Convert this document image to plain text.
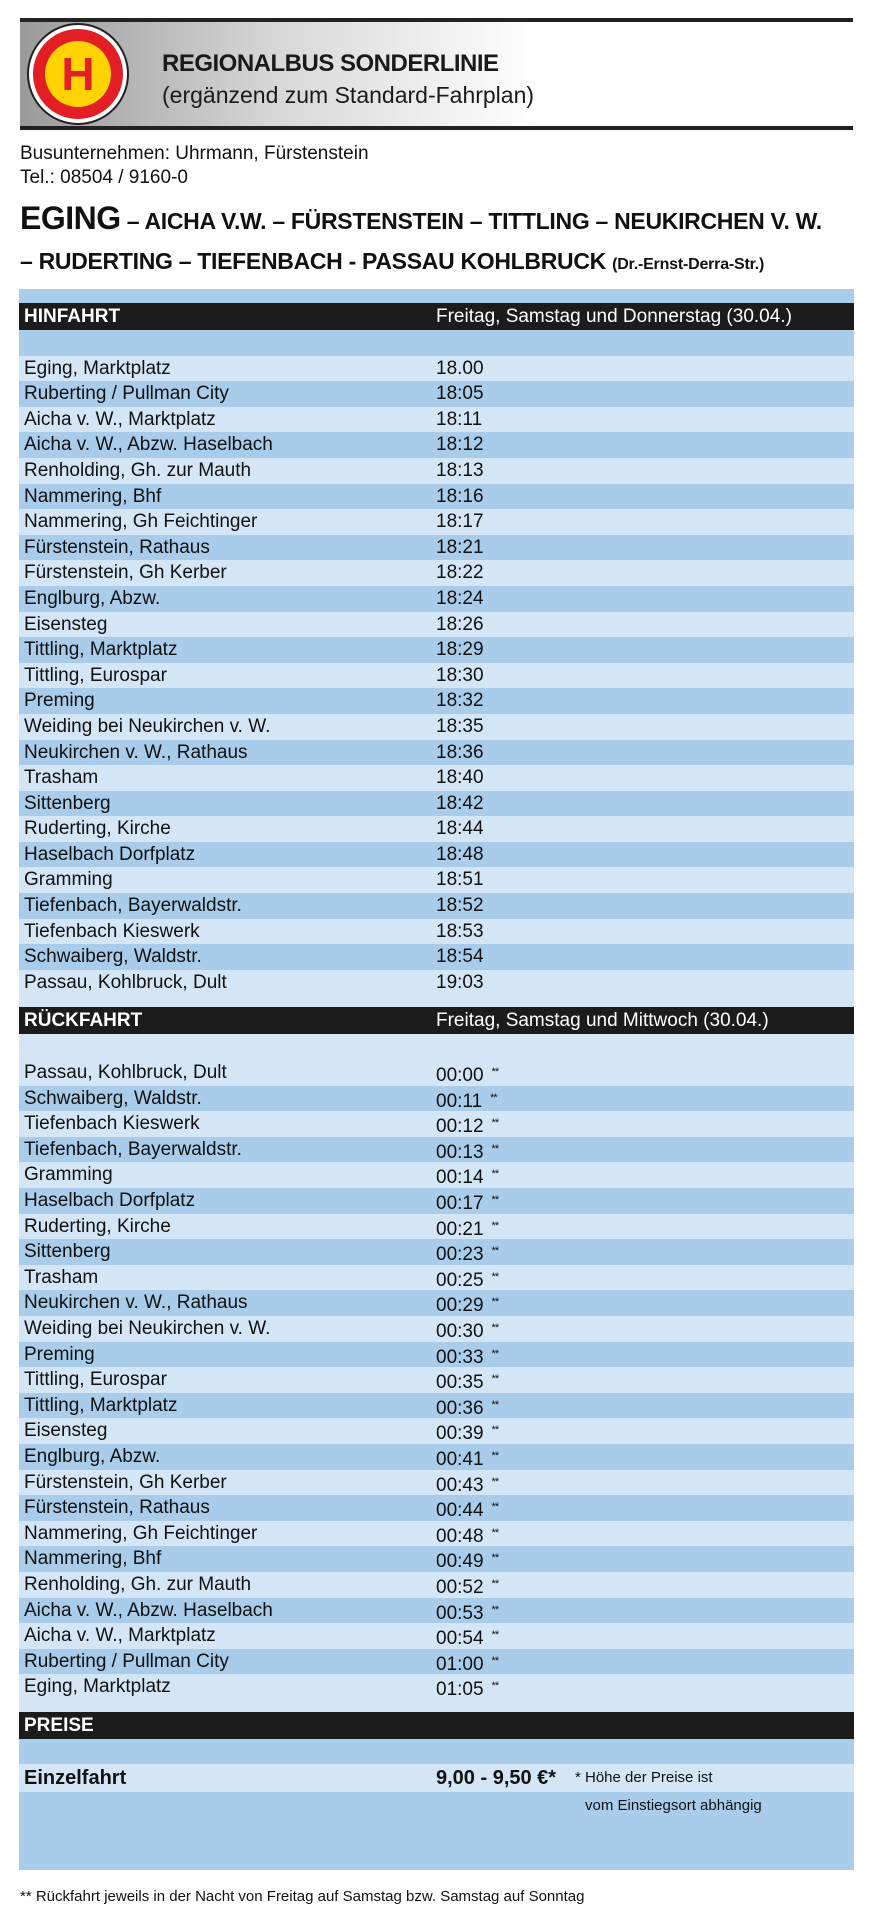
H	REGIONALBUS SONDERLINIE
(ergänzend zum Standard-Fahrplan)
Busunternehmen: Uhrmann, Fürstenstein
Tel.: 08504 / 9160-0
EGING – AICHA V.W. – FÜRSTENSTEIN – TITTLING – NEUKIRCHEN V. W.
– RUDERTING – TIEFENBACH - PASSAU KOHLBRUCK (Dr.-Ernst-Derra-Str.)
HINFAHRT	Freitag, Samstag und Donnerstag (30.04.)
Eging, Marktplatz	18.00
Ruberting / Pullman City	18:05
Aicha v. W., Marktplatz	18:11
Aicha v. W., Abzw. Haselbach	18:12
Renholding, Gh. zur Mauth	18:13
Nammering, Bhf	18:16
Nammering, Gh Feichtinger	18:17
Fürstenstein, Rathaus	18:21
Fürstenstein, Gh Kerber	18:22
Englburg, Abzw.	18:24
Eisensteg	18:26
Tittling, Marktplatz	18:29
Tittling, Eurospar	18:30
Preming	18:32
Weiding bei Neukirchen v. W.	18:35
Neukirchen v. W., Rathaus	18:36
Trasham	18:40
Sittenberg	18:42
Ruderting, Kirche	18:44
Haselbach Dorfplatz	18:48
Gramming	18:51
Tiefenbach, Bayerwaldstr.	18:52
Tiefenbach Kieswerk	18:53
Schwaiberg, Waldstr.	18:54
Passau, Kohlbruck, Dult	19:03
RÜCKFAHRT	Freitag, Samstag und Mittwoch (30.04.)
Passau, Kohlbruck, Dult	00:00 **
Schwaiberg, Waldstr.	00:11 **
Tiefenbach Kieswerk	00:12 **
Tiefenbach, Bayerwaldstr.	00:13 **
Gramming	00:14 **
Haselbach Dorfplatz	00:17 **
Ruderting, Kirche	00:21 **
Sittenberg	00:23 **
Trasham	00:25 **
Neukirchen v. W., Rathaus	00:29 **
Weiding bei Neukirchen v. W.	00:30 **
Preming	00:33 **
Tittling, Eurospar	00:35 **
Tittling, Marktplatz	00:36 **
Eisensteg	00:39 **
Englburg, Abzw.	00:41 **
Fürstenstein, Gh Kerber	00:43 **
Fürstenstein, Rathaus	00:44 **
Nammering, Gh Feichtinger	00:48 **
Nammering, Bhf	00:49 **
Renholding, Gh. zur Mauth	00:52 **
Aicha v. W., Abzw. Haselbach	00:53 **
Aicha v. W., Marktplatz	00:54 **
Ruberting / Pullman City	01:00 **
Eging, Marktplatz	01:05 **
PREISE
Einzelfahrt	9,00 - 9,50 €* * Höhe der Preise ist
vom Einstiegsort abhängig
** Rückfahrt jeweils in der Nacht von Freitag auf Samstag bzw. Samstag auf Sonntag
